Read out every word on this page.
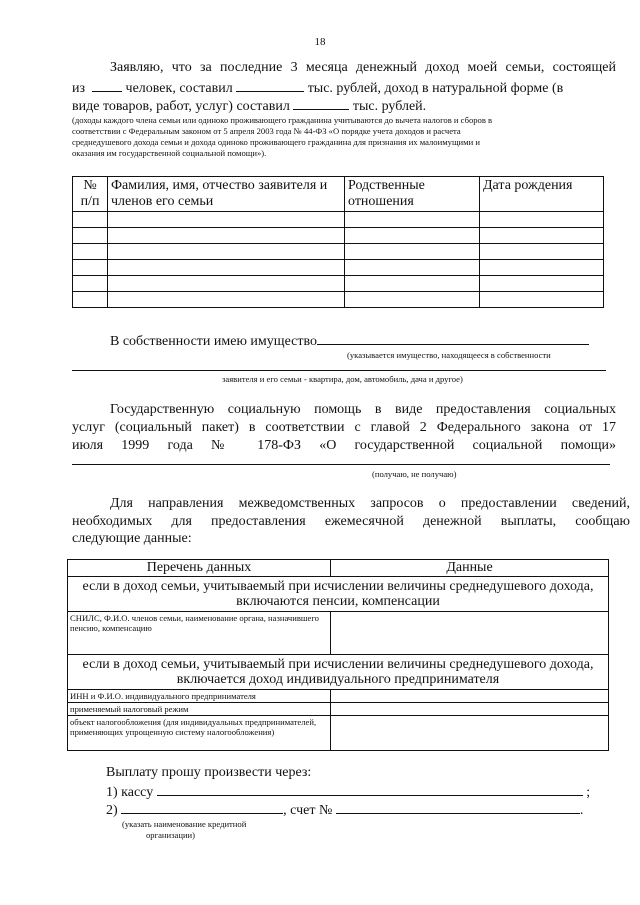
18
Заявляю, что за последние 3 месяца денежный доход моей семьи, состоящей
из	человек, составил	тыс. рублей, доход в натуральной форме (в
виде товаров, работ, услуг) составил	тыс. рублей.
(доходы каждого члена семьи или одиноко проживающего гражданина учитываются до вычета налогов и сборов в
соответствии с Федеральным законом от 5 апреля 2003 года № 44-ФЗ «О порядке учета доходов и расчета
среднедушевого дохода семьи и дохода одиноко проживающего гражданина для признания их малоимущими и
оказания им государственной социальной помощи»).
№ п/п	Фамилия, имя, отчество заявителя и членов его семьи	Родственные отношения	Дата рождения

В собственности имею имущество
(указывается имущество, находящееся в собственности
заявителя и его семьи - квартира, дом, автомобиль, дача и другое)
Государственную социальную помощь в виде предоставления социальных
услуг (социальный пакет) в соответствии с главой 2 Федерального закона от 17
июля 1999 года № 178-ФЗ «О государственной социальной помощи»
(получаю, не получаю)
Для направления межведомственных запросов о предоставлении сведений,
необходимых для предоставления ежемесячной денежной выплаты, сообщаю
следующие данные:
Перечень данных	Данные
если в доход семьи, учитываемый при исчислении величины среднедушевого дохода, включаются пенсии, компенсации	
СНИЛС, Ф.И.О. членов семьи, наименование органа, назначившего пенсию, компенсацию	
если в доход семьи, учитываемый при исчислении величины среднедушевого дохода, включается доход индивидуального предпринимателя	
ИНН и Ф.И.О. индивидуального предпринимателя	
применяемый налоговый режим	
объект налогообложения (для индивидуальных предпринимателей, применяющих упрощенную систему налогообложения)	
Выплату прошу произвести через:
1) кассу	;
2)	, счет №	.
(указать наименование кредитной
организации)
